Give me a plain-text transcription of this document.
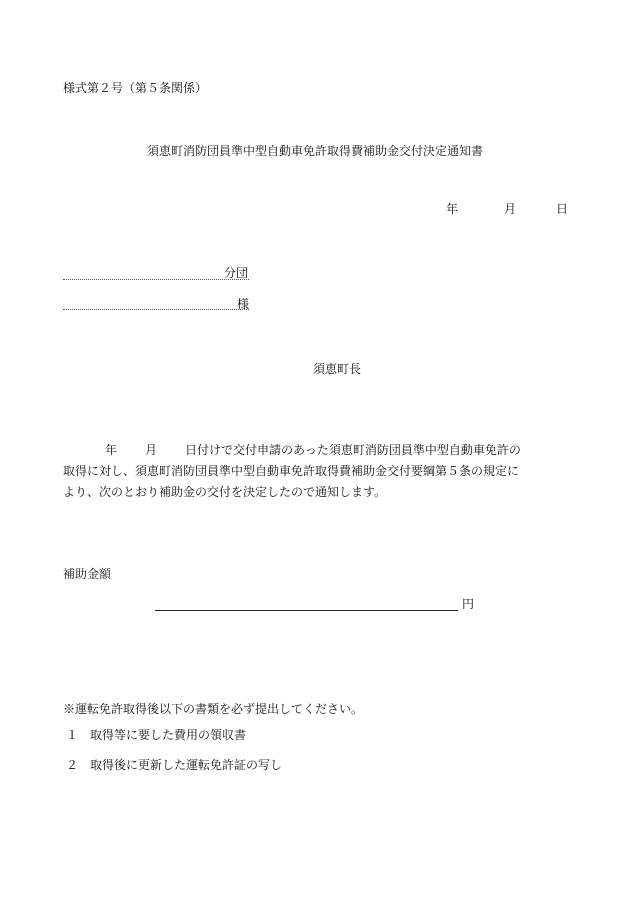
様式第２号（第５条関係）
須恵町消防団員準中型自動車免許取得費補助金交付決定通知書
年	月	日
分団
様
須恵町長
年 月 日付けで交付申請のあった須恵町消防団員準中型自動車免許の
取得に対し、須恵町消防団員準中型自動車免許取得費補助金交付要綱第５条の規定に
より、次のとおり補助金の交付を決定したので通知します。
補助金額
円
※運転免許取得後以下の書類を必ず提出してください。
１ 取得等に要した費用の領収書
２ 取得後に更新した運転免許証の写し
